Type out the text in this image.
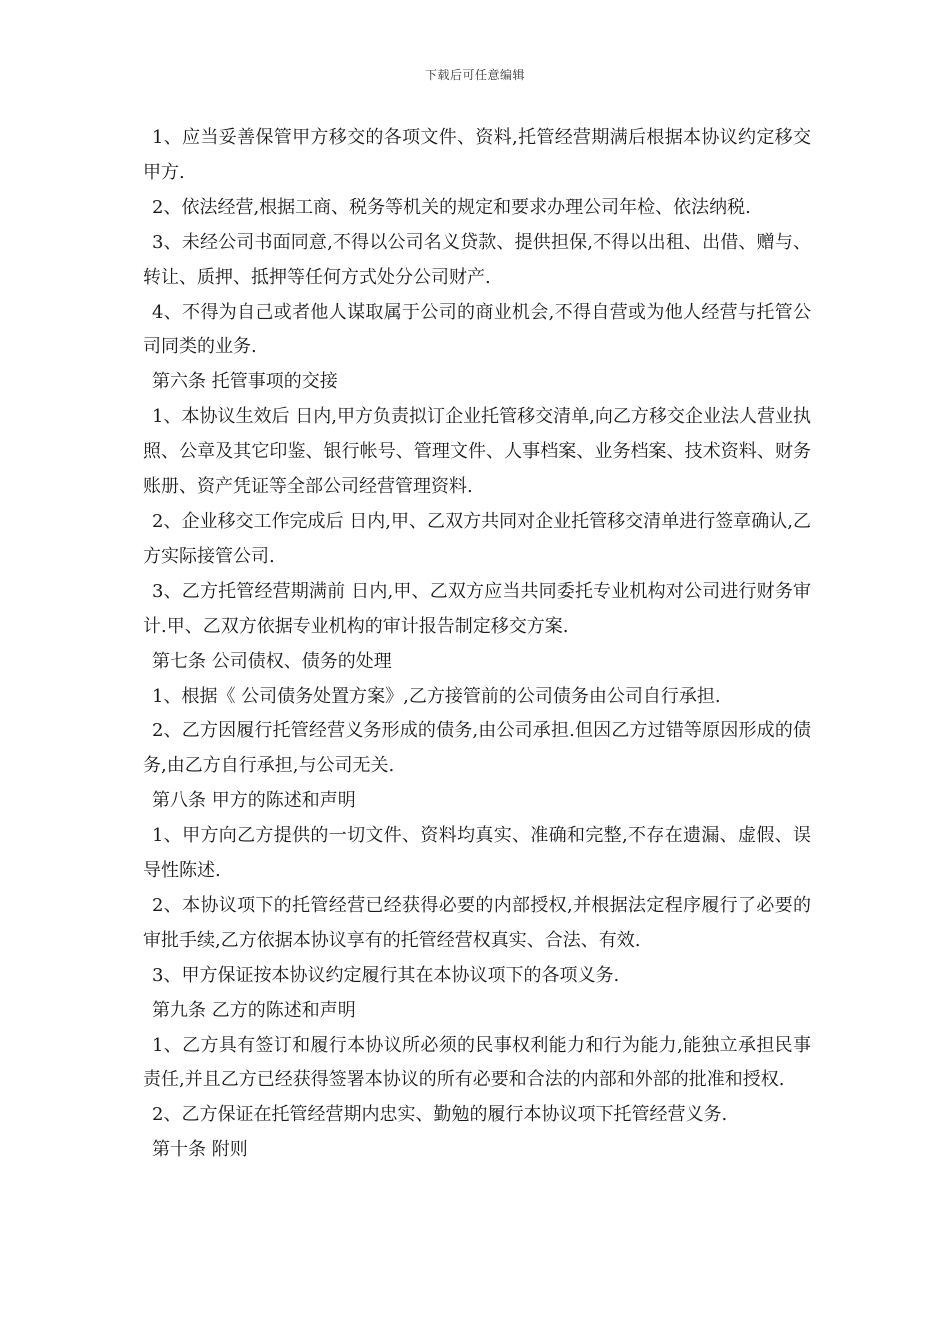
下载后可任意编辑

1、应当妥善保管甲方移交的各项文件、资料,托管经营期满后根据本协议约定移交甲方.

2、依法经营,根据工商、税务等机关的规定和要求办理公司年检、依法纳税.

3、未经公司书面同意,不得以公司名义贷款、提供担保,不得以出租、出借、赠与、转让、质押、抵押等任何方式处分公司财产.

4、不得为自己或者他人谋取属于公司的商业机会,不得自营或为他人经营与托管公司同类的业务.

第六条 托管事项的交接

1、本协议生效后 日内,甲方负责拟订企业托管移交清单,向乙方移交企业法人营业执照、公章及其它印鉴、银行帐号、管理文件、人事档案、业务档案、技术资料、财务账册、资产凭证等全部公司经营管理资料.

2、企业移交工作完成后 日内,甲、乙双方共同对企业托管移交清单进行签章确认,乙方实际接管公司.

3、乙方托管经营期满前 日内,甲、乙双方应当共同委托专业机构对公司进行财务审计.甲、乙双方依据专业机构的审计报告制定移交方案.

第七条 公司债权、债务的处理

1、根据《 公司债务处置方案》,乙方接管前的公司债务由公司自行承担.

2、乙方因履行托管经营义务形成的债务,由公司承担.但因乙方过错等原因形成的债务,由乙方自行承担,与公司无关.

第八条 甲方的陈述和声明

1、甲方向乙方提供的一切文件、资料均真实、准确和完整,不存在遗漏、虚假、误导性陈述.

2、本协议项下的托管经营已经获得必要的内部授权,并根据法定程序履行了必要的审批手续,乙方依据本协议享有的托管经营权真实、合法、有效.

3、甲方保证按本协议约定履行其在本协议项下的各项义务.

第九条 乙方的陈述和声明

1、乙方具有签订和履行本协议所必须的民事权利能力和行为能力,能独立承担民事责任,并且乙方已经获得签署本协议的所有必要和合法的内部和外部的批准和授权.

2、乙方保证在托管经营期内忠实、勤勉的履行本协议项下托管经营义务.

第十条 附则
